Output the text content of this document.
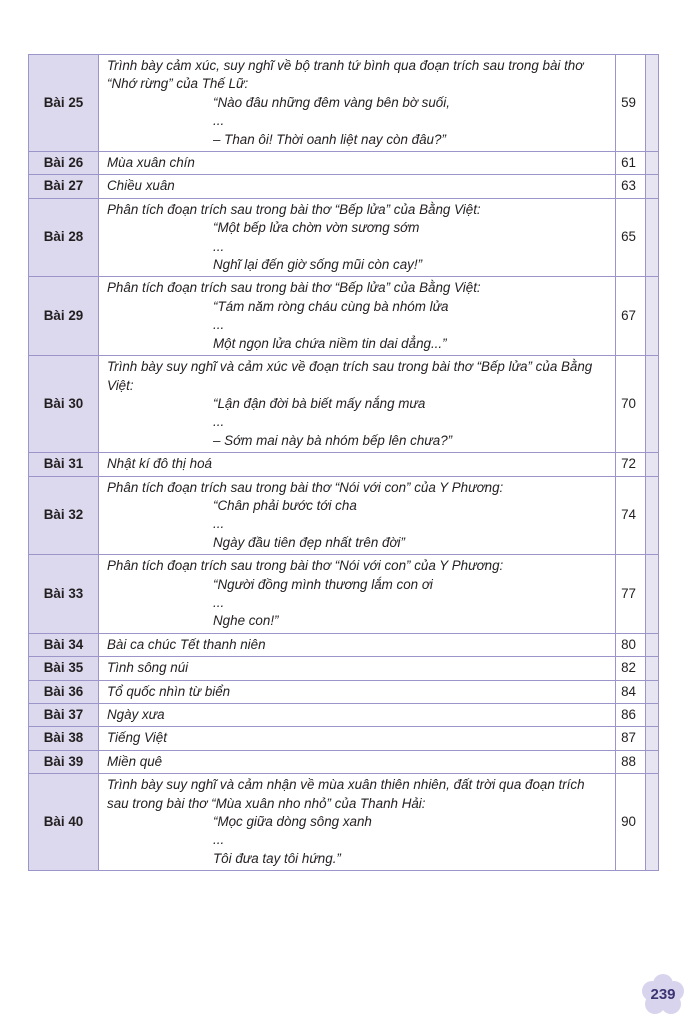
Bài 25	Trình bày cảm xúc, suy nghĩ về bộ tranh tứ bình qua đoạn trích sau trong bài thơ
“Nhớ rừng” của Thế Lữ:
“Nào đâu những đêm vàng bên bờ suối,
...
– Than ôi! Thời oanh liệt nay còn đâu?”	59	
Bài 26	Mùa xuân chín	61	
Bài 27	Chiều xuân	63	
Bài 28	Phân tích đoạn trích sau trong bài thơ “Bếp lửa” của Bằng Việt:
“Một bếp lửa chờn vờn sương sớm
...
Nghĩ lại đến giờ sống mũi còn cay!”	65	
Bài 29	Phân tích đoạn trích sau trong bài thơ “Bếp lửa” của Bằng Việt:
“Tám năm ròng cháu cùng bà nhóm lửa
...
Một ngọn lửa chứa niềm tin dai dẳng...”	67	
Bài 30	Trình bày suy nghĩ và cảm xúc về đoạn trích sau trong bài thơ “Bếp lửa” của Bằng Việt:
“Lận đận đời bà biết mấy nắng mưa
...
– Sớm mai này bà nhóm bếp lên chưa?”	70	
Bài 31	Nhật kí đô thị hoá	72	
Bài 32	Phân tích đoạn trích sau trong bài thơ “Nói với con” của Y Phương:
“Chân phải bước tới cha
...
Ngày đầu tiên đẹp nhất trên đời”	74	
Bài 33	Phân tích đoạn trích sau trong bài thơ “Nói với con” của Y Phương:
“Người đồng mình thương lắm con ơi
...
Nghe con!”	77	
Bài 34	Bài ca chúc Tết thanh niên	80	
Bài 35	Tình sông núi	82	
Bài 36	Tổ quốc nhìn từ biển	84	
Bài 37	Ngày xưa	86	
Bài 38	Tiếng Việt	87	
Bài 39	Miền quê	88	
Bài 40	Trình bày suy nghĩ và cảm nhận về mùa xuân thiên nhiên, đất trời qua đoạn trích
sau trong bài thơ “Mùa xuân nho nhỏ” của Thanh Hải:
“Mọc giữa dòng sông xanh
...
Tôi đưa tay tôi hứng.”	90	
239
